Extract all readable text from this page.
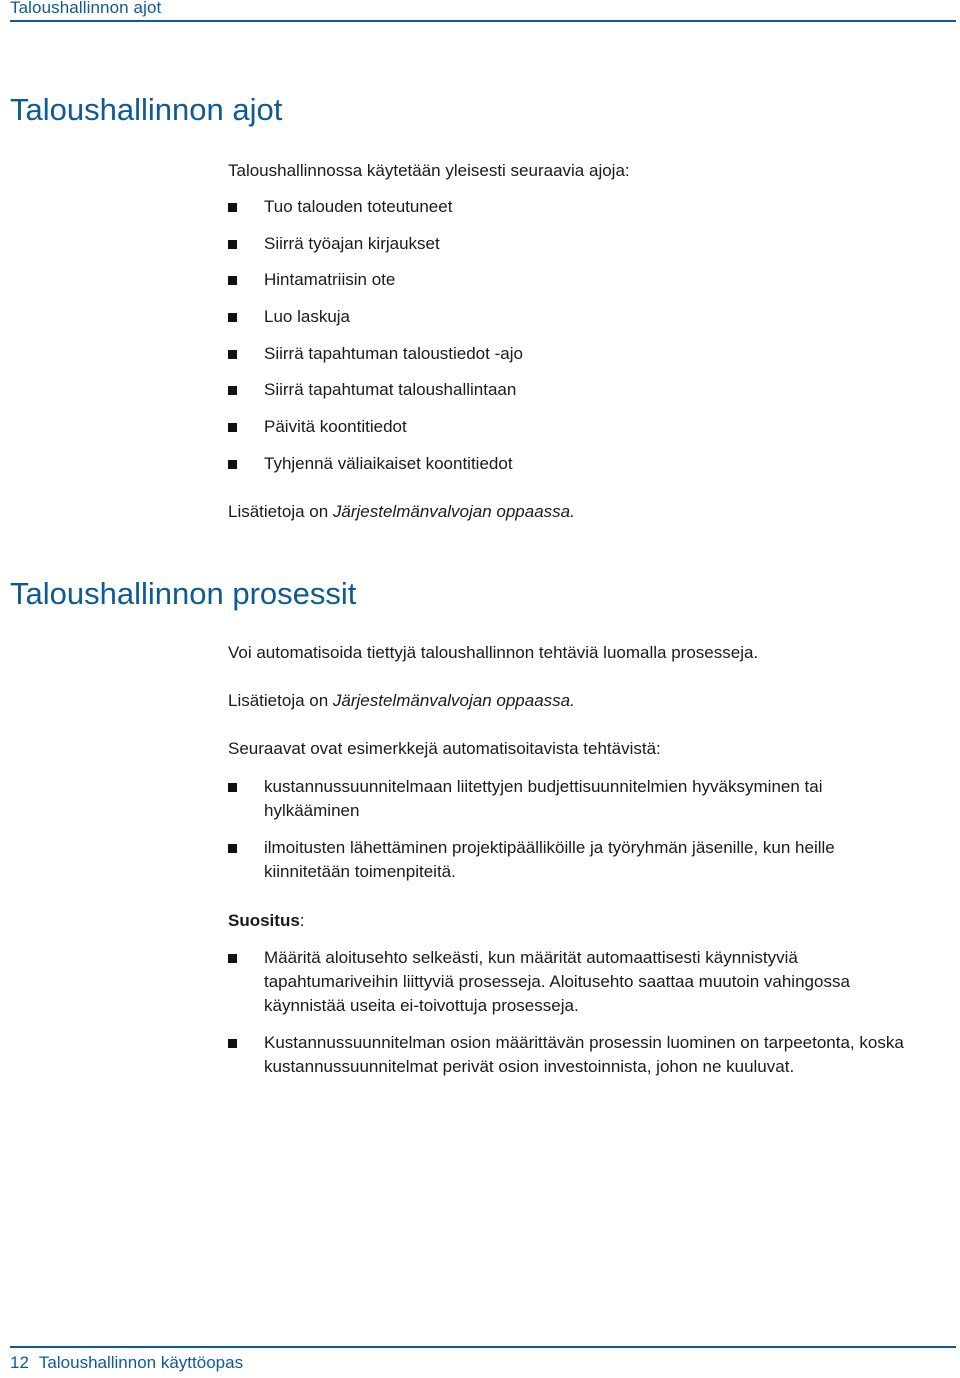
Taloushallinnon ajot
Taloushallinnon ajot

Taloushallinnossa käytetään yleisesti seuraavia ajoja:

Tuo talouden toteutuneet
Siirrä työajan kirjaukset
Hintamatriisin ote
Luo laskuja
Siirrä tapahtuman taloustiedot -ajo
Siirrä tapahtumat taloushallintaan
Päivitä koontitiedot
Tyhjennä väliaikaiset koontitiedot

Lisätietoja on Järjestelmänvalvojan oppaassa.

Taloushallinnon prosessit

Voi automatisoida tiettyjä taloushallinnon tehtäviä luomalla prosesseja.

Lisätietoja on Järjestelmänvalvojan oppaassa.

Seuraavat ovat esimerkkejä automatisoitavista tehtävistä:

kustannussuunnitelmaan liitettyjen budjettisuunnitelmien hyväksyminen tai hylkääminen
ilmoitusten lähettäminen projektipäälliköille ja työryhmän jäsenille, kun heille kiinnitetään toimenpiteitä.

Suositus:

Määritä aloitusehto selkeästi, kun määrität automaattisesti käynnistyviä tapahtumariveihin liittyviä prosesseja. Aloitusehto saattaa muutoin vahingossa käynnistää useita ei-toivottuja prosesseja.
Kustannussuunnitelman osion määrittävän prosessin luominen on tarpeetonta, koska kustannussuunnitelmat perivät osion investoinnista, johon ne kuuluvat.
12 Taloushallinnon käyttöopas
